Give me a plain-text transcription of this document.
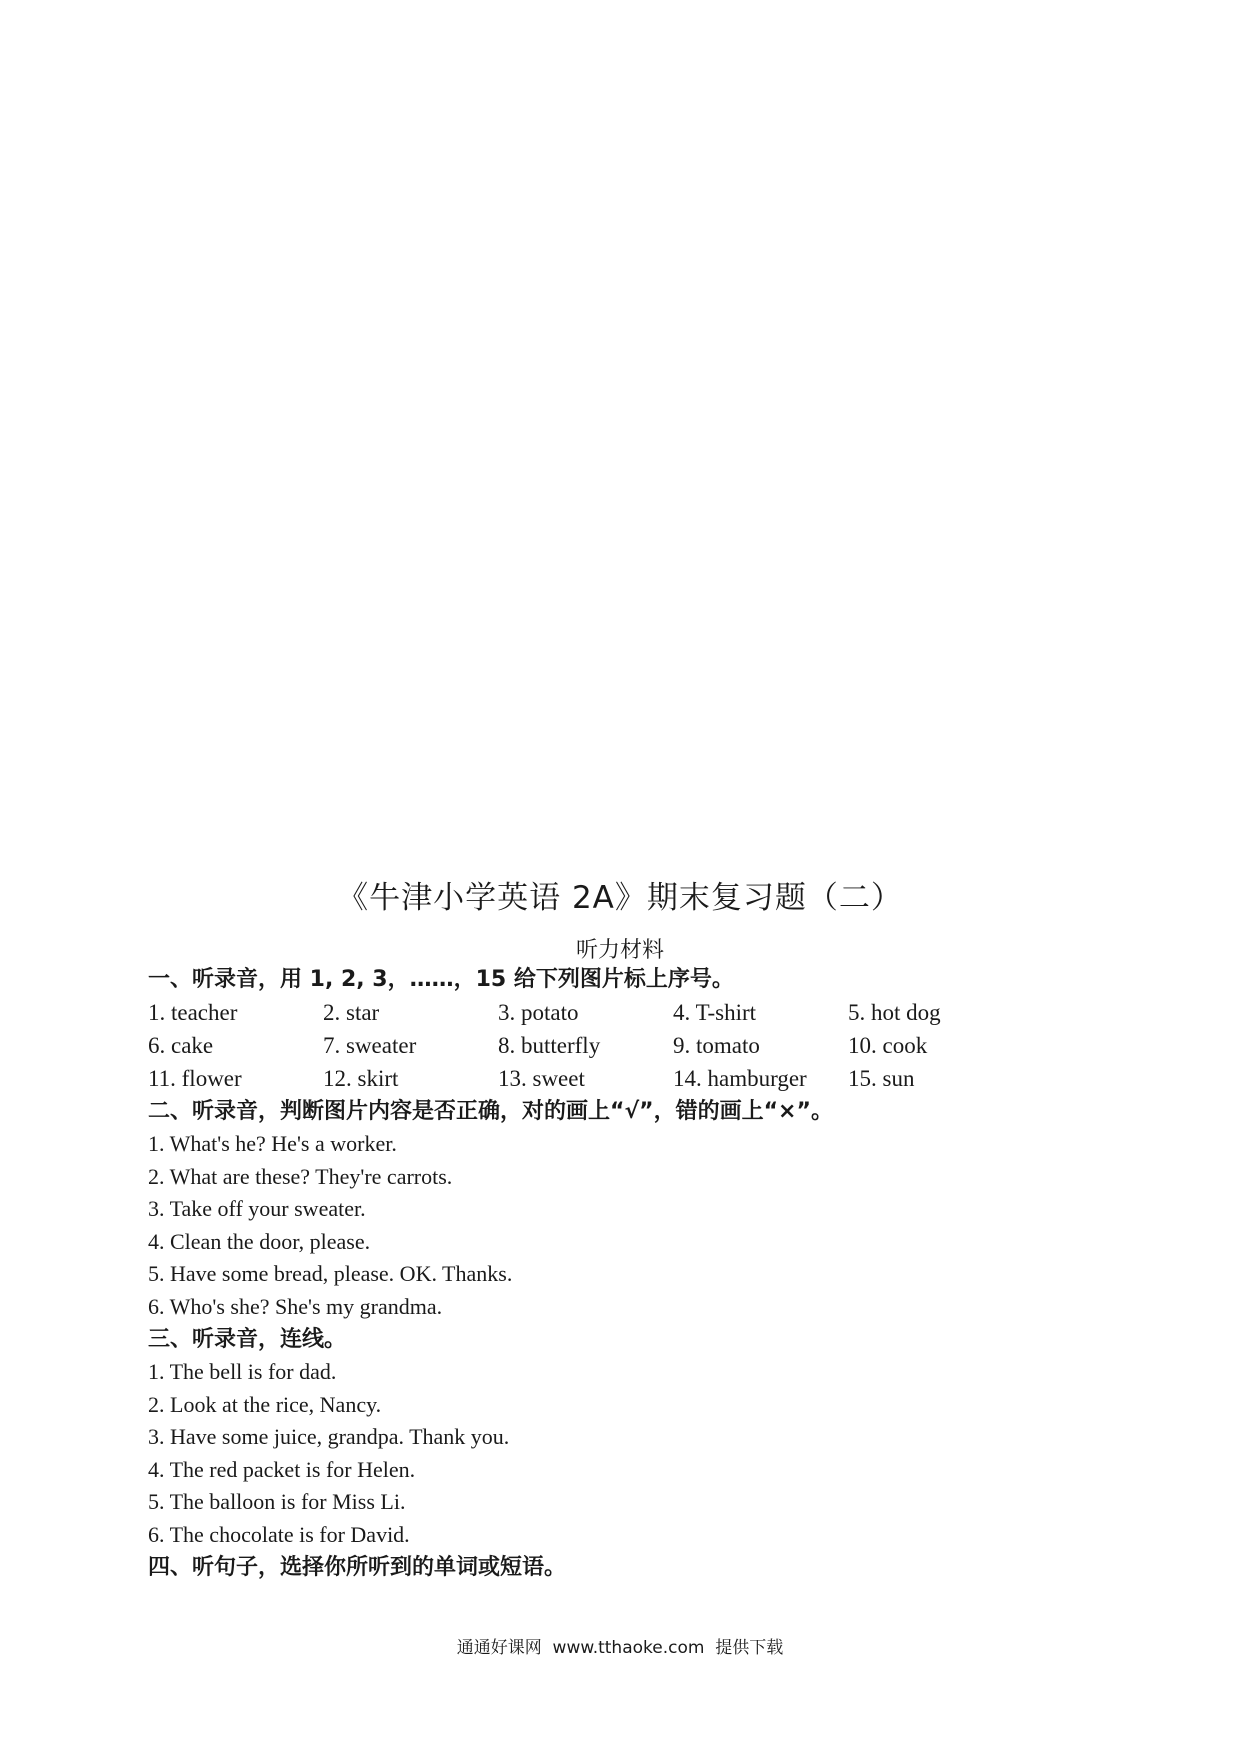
《牛津小学英语 2A》期末复习题（二）
听力材料
一、听录音，用 1, 2, 3，……，15 给下列图片标上序号。
1. teacher	2. star	3. potato	4. T-shirt	5. hot dog
6. cake	7. sweater	8. butterfly	9. tomato	10. cook
11. flower	12. skirt	13. sweet	14. hamburger	15. sun
二、听录音，判断图片内容是否正确，对的画上“√”，错的画上“×”。
1. What's he? He's a worker.
2. What are these? They're carrots.
3. Take off your sweater.
4. Clean the door, please.
5. Have some bread, please. OK. Thanks.
6. Who's she? She's my grandma.
三、听录音，连线。
1. The bell is for dad.
2. Look at the rice, Nancy.
3. Have some juice, grandpa. Thank you.
4. The red packet is for Helen.
5. The balloon is for Miss Li.
6. The chocolate is for David.
四、听句子，选择你所听到的单词或短语。
通通好课网  www.tthaoke.com  提供下载
